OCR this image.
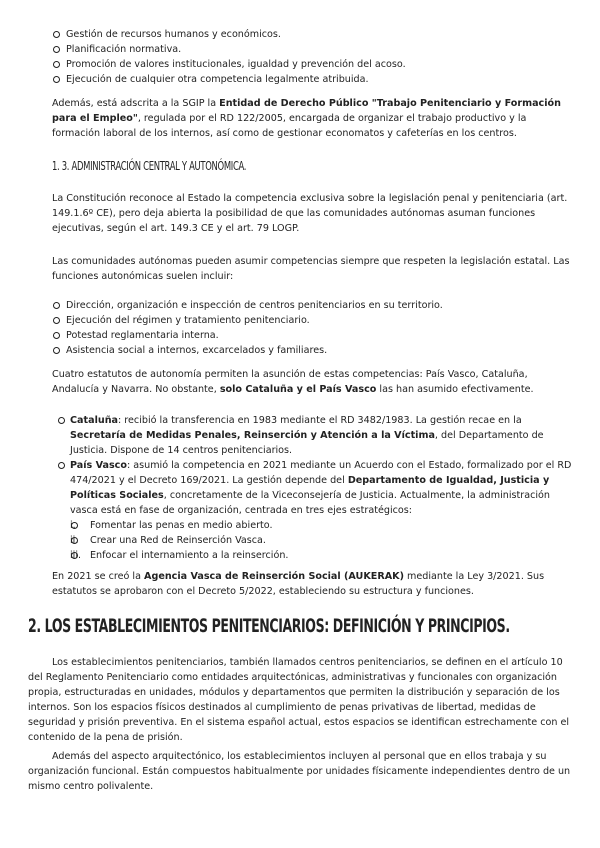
Gestión de recursos humanos y económicos.
Planificación normativa.
Promoción de valores institucionales, igualdad y prevención del acoso.
Ejecución de cualquier otra competencia legalmente atribuida.
Además, está adscrita a la SGIP la Entidad de Derecho Público "Trabajo Penitenciario y Formación para el Empleo", regulada por el RD 122/2005, encargada de organizar el trabajo productivo y la formación laboral de los internos, así como de gestionar economatos y cafeterías en los centros.
1. 3. ADMINISTRACIÓN CENTRAL Y AUTONÓMICA.
La Constitución reconoce al Estado la competencia exclusiva sobre la legislación penal y penitenciaria (art. 149.1.6º CE), pero deja abierta la posibilidad de que las comunidades autónomas asuman funciones ejecutivas, según el art. 149.3 CE y el art. 79 LOGP.
Las comunidades autónomas pueden asumir competencias siempre que respeten la legislación estatal. Las funciones autonómicas suelen incluir:
Dirección, organización e inspección de centros penitenciarios en su territorio.
Ejecución del régimen y tratamiento penitenciario.
Potestad reglamentaria interna.
Asistencia social a internos, excarcelados y familiares.
Cuatro estatutos de autonomía permiten la asunción de estas competencias: País Vasco, Cataluña, Andalucía y Navarra. No obstante, solo Cataluña y el País Vasco las han asumido efectivamente.
Cataluña: recibió la transferencia en 1983 mediante el RD 3482/1983. La gestión recae en la Secretaría de Medidas Penales, Reinserción y Atención a la Víctima, del Departamento de Justicia. Dispone de 14 centros penitenciarios.
País Vasco: asumió la competencia en 2021 mediante un Acuerdo con el Estado, formalizado por el RD 474/2021 y el Decreto 169/2021. La gestión depende del Departamento de Igualdad, Justicia y Políticas Sociales, concretamente de la Viceconsejería de Justicia. Actualmente, la administración vasca está en fase de organización, centrada en tres ejes estratégicos:
i. Fomentar las penas en medio abierto.
ii. Crear una Red de Reinserción Vasca.
iii. Enfocar el internamiento a la reinserción.
En 2021 se creó la Agencia Vasca de Reinserción Social (AUKERAK) mediante la Ley 3/2021. Sus estatutos se aprobaron con el Decreto 5/2022, estableciendo su estructura y funciones.
2. LOS ESTABLECIMIENTOS PENITENCIARIOS: DEFINICIÓN Y PRINCIPIOS.
Los establecimientos penitenciarios, también llamados centros penitenciarios, se definen en el artículo 10 del Reglamento Penitenciario como entidades arquitectónicas, administrativas y funcionales con organización propia, estructuradas en unidades, módulos y departamentos que permiten la distribución y separación de los internos. Son los espacios físicos destinados al cumplimiento de penas privativas de libertad, medidas de seguridad y prisión preventiva. En el sistema español actual, estos espacios se identifican estrechamente con el contenido de la pena de prisión.
Además del aspecto arquitectónico, los establecimientos incluyen al personal que en ellos trabaja y su organización funcional. Están compuestos habitualmente por unidades físicamente independientes dentro de un mismo centro polivalente.
